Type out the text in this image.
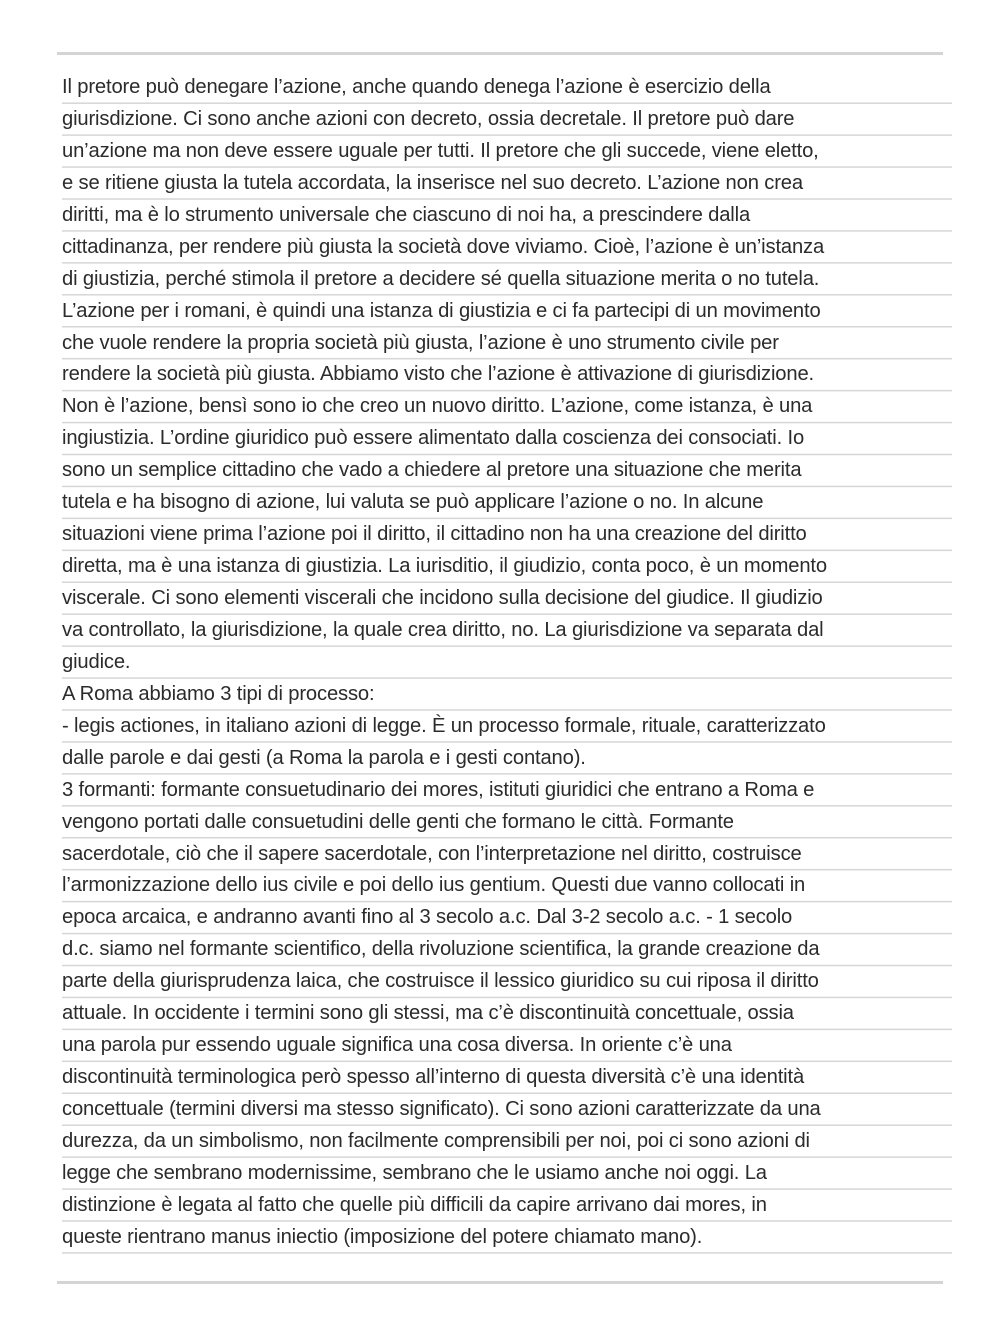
Il pretore può denegare l’azione, anche quando denega l’azione è esercizio della
giurisdizione. Ci sono anche azioni con decreto, ossia decretale. Il pretore può dare
un’azione ma non deve essere uguale per tutti. Il pretore che gli succede, viene eletto,
e se ritiene giusta la tutela accordata, la inserisce nel suo decreto. L’azione non crea
diritti, ma è lo strumento universale che ciascuno di noi ha, a prescindere dalla
cittadinanza, per rendere più giusta la società dove viviamo. Cioè, l’azione è un’istanza
di giustizia, perché stimola il pretore a decidere sé quella situazione merita o no tutela.
L’azione per i romani, è quindi una istanza di giustizia e ci fa partecipi di un movimento
che vuole rendere la propria società più giusta, l’azione è uno strumento civile per
rendere la società più giusta. Abbiamo visto che l’azione è attivazione di giurisdizione.
Non è l’azione, bensì sono io che creo un nuovo diritto. L’azione, come istanza, è una
ingiustizia. L’ordine giuridico può essere alimentato dalla coscienza dei consociati. Io
sono un semplice cittadino che vado a chiedere al pretore una situazione che merita
tutela e ha bisogno di azione, lui valuta se può applicare l’azione o no. In alcune
situazioni viene prima l’azione poi il diritto, il cittadino non ha una creazione del diritto
diretta, ma è una istanza di giustizia. La iurisditio, il giudizio, conta poco, è un momento
viscerale. Ci sono elementi viscerali che incidono sulla decisione del giudice. Il giudizio
va controllato, la giurisdizione, la quale crea diritto, no. La giurisdizione va separata dal
giudice.
A Roma abbiamo 3 tipi di processo:
- legis actiones, in italiano azioni di legge. È un processo formale, rituale, caratterizzato
dalle parole e dai gesti (a Roma la parola e i gesti contano).
3 formanti: formante consuetudinario dei mores, istituti giuridici che entrano a Roma e
vengono portati dalle consuetudini delle genti che formano le città. Formante
sacerdotale, ciò che il sapere sacerdotale, con l’interpretazione nel diritto, costruisce
l’armonizzazione dello ius civile e poi dello ius gentium. Questi due vanno collocati in
epoca arcaica, e andranno avanti fino al 3 secolo a.c. Dal 3-2 secolo a.c. - 1 secolo
d.c. siamo nel formante scientifico, della rivoluzione scientifica, la grande creazione da
parte della giurisprudenza laica, che costruisce il lessico giuridico su cui riposa il diritto
attuale. In occidente i termini sono gli stessi, ma c’è discontinuità concettuale, ossia
una parola pur essendo uguale significa una cosa diversa. In oriente c’è una
discontinuità terminologica però spesso all’interno di questa diversità c’è una identità
concettuale (termini diversi ma stesso significato). Ci sono azioni caratterizzate da una
durezza, da un simbolismo, non facilmente comprensibili per noi, poi ci sono azioni di
legge che sembrano modernissime, sembrano che le usiamo anche noi oggi. La
distinzione è legata al fatto che quelle più difficili da capire arrivano dai mores, in
queste rientrano manus iniectio (imposizione del potere chiamato mano).
